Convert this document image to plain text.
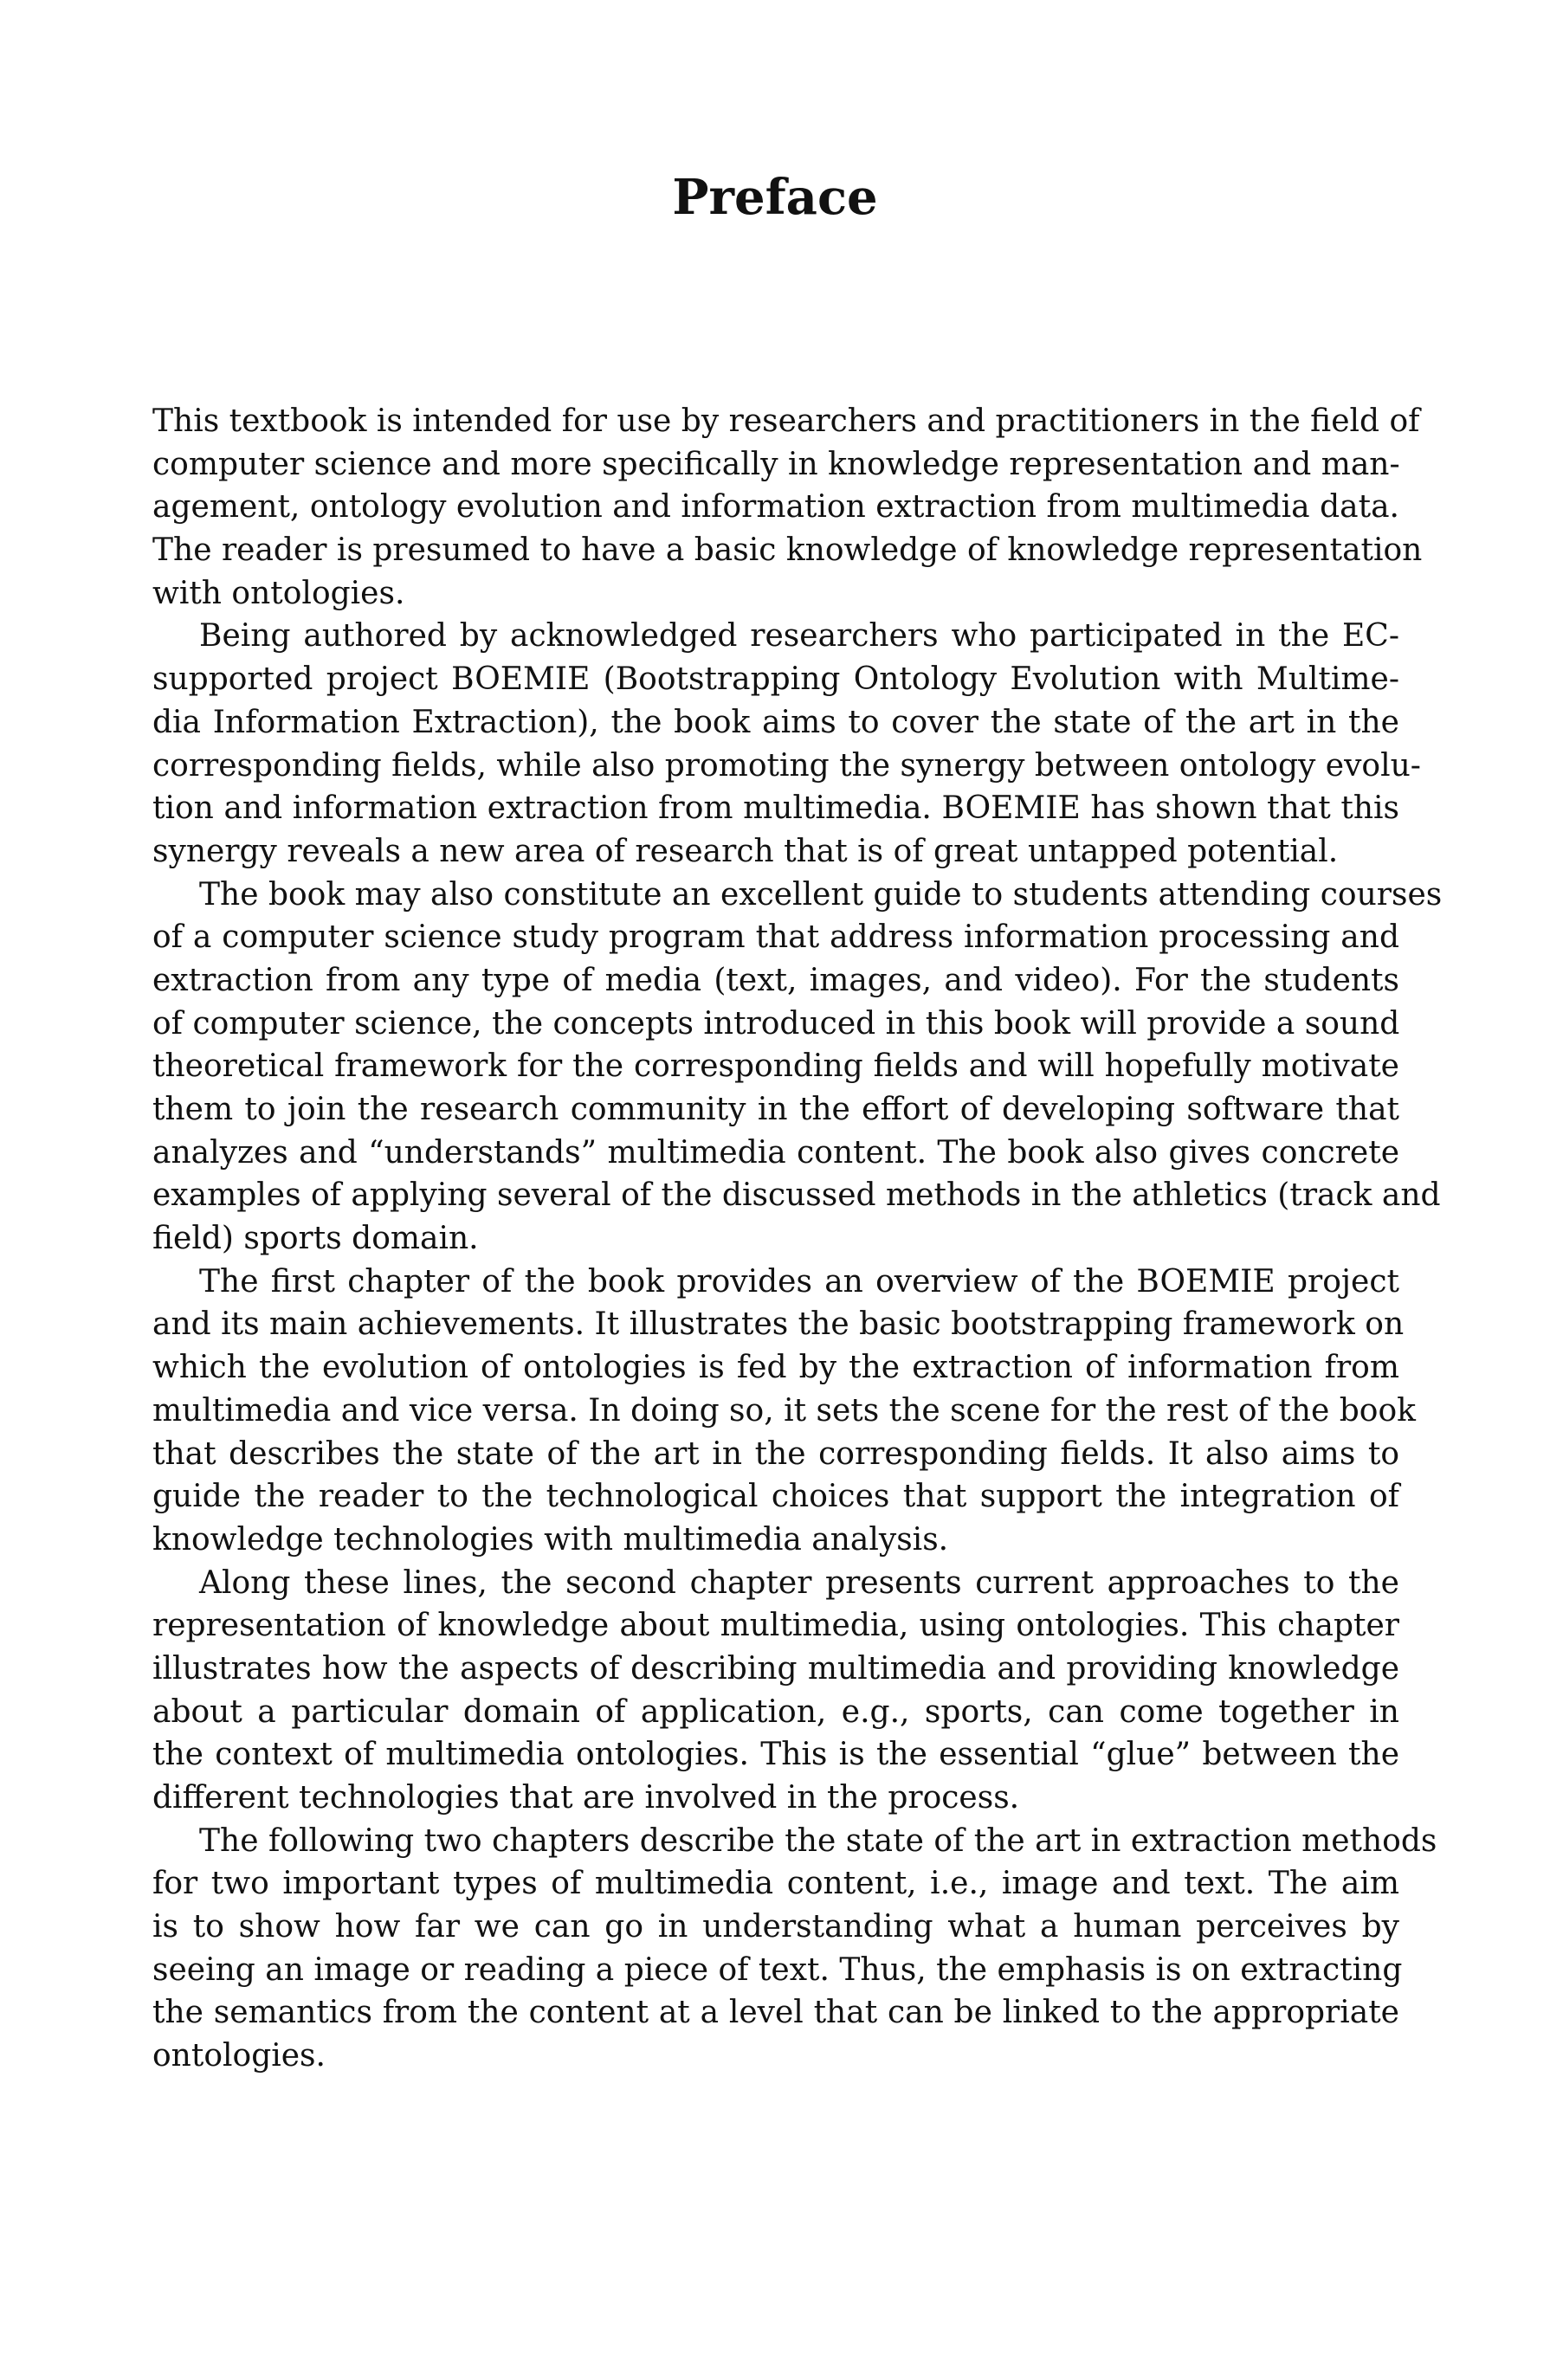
Preface
This textbook is intended for use by researchers and practitioners in the field of
computer science and more specifically in knowledge representation and man-
agement, ontology evolution and information extraction from multimedia data.
The reader is presumed to have a basic knowledge of knowledge representation
with ontologies.
Being authored by acknowledged researchers who participated in the EC-
supported project BOEMIE (Bootstrapping Ontology Evolution with Multime-
dia Information Extraction), the book aims to cover the state of the art in the
corresponding fields, while also promoting the synergy between ontology evolu-
tion and information extraction from multimedia. BOEMIE has shown that this
synergy reveals a new area of research that is of great untapped potential.
The book may also constitute an excellent guide to students attending courses
of a computer science study program that address information processing and
extraction from any type of media (text, images, and video). For the students
of computer science, the concepts introduced in this book will provide a sound
theoretical framework for the corresponding fields and will hopefully motivate
them to join the research community in the effort of developing software that
analyzes and “understands” multimedia content. The book also gives concrete
examples of applying several of the discussed methods in the athletics (track and
field) sports domain.
The first chapter of the book provides an overview of the BOEMIE project
and its main achievements. It illustrates the basic bootstrapping framework on
which the evolution of ontologies is fed by the extraction of information from
multimedia and vice versa. In doing so, it sets the scene for the rest of the book
that describes the state of the art in the corresponding fields. It also aims to
guide the reader to the technological choices that support the integration of
knowledge technologies with multimedia analysis.
Along these lines, the second chapter presents current approaches to the
representation of knowledge about multimedia, using ontologies. This chapter
illustrates how the aspects of describing multimedia and providing knowledge
about a particular domain of application, e.g., sports, can come together in
the context of multimedia ontologies. This is the essential “glue” between the
different technologies that are involved in the process.
The following two chapters describe the state of the art in extraction methods
for two important types of multimedia content, i.e., image and text. The aim
is to show how far we can go in understanding what a human perceives by
seeing an image or reading a piece of text. Thus, the emphasis is on extracting
the semantics from the content at a level that can be linked to the appropriate
ontologies.
